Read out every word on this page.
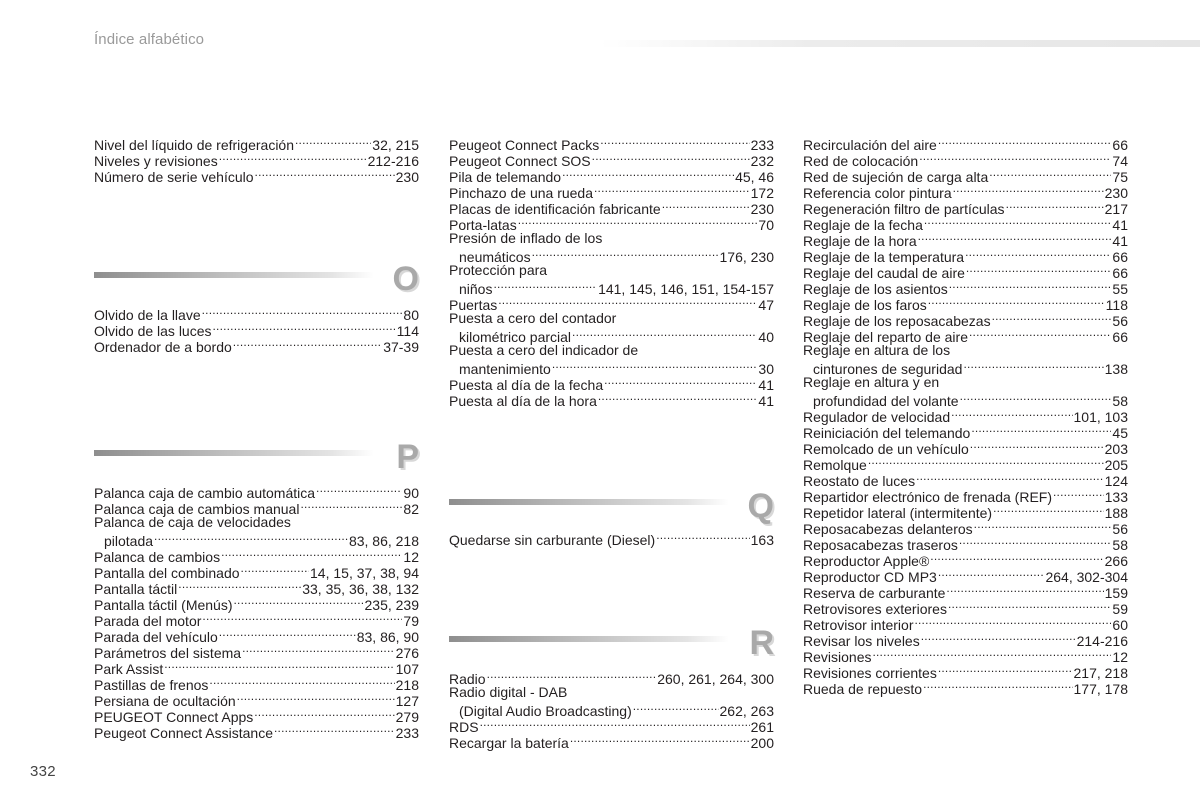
Índice alfabético
Nivel del líquido de refrigeración .....	32, 215
Niveles y revisiones .....	212-216
Número de serie vehículo .....	230
O
Olvido de la llave .....	80
Olvido de las luces .....	114
Ordenador de a bordo .....	37-39
P
Palanca caja de cambio automática .....	90
Palanca caja de cambios manual .....	82
Palanca de caja de velocidades
pilotada .....	83, 86, 218
Palanca de cambios .....	12
Pantalla del combinado .....	14, 15, 37, 38, 94
Pantalla táctil .....	33, 35, 36, 38, 132
Pantalla táctil (Menús) .....	235, 239
Parada del motor .....	79
Parada del vehículo .....	83, 86, 90
Parámetros del sistema .....	276
Park Assist .....	107
Pastillas de frenos .....	218
Persiana de ocultación .....	127
PEUGEOT Connect Apps .....	279
Peugeot Connect Assistance .....	233
Peugeot Connect Packs .....	233
Peugeot Connect SOS .....	232
Pila de telemando .....	45, 46
Pinchazo de una rueda .....	172
Placas de identificación fabricante .....	230
Porta-latas .....	70
Presión de inflado de los
neumáticos .....	176, 230
Protección para
niños .....	141, 145, 146, 151, 154-157
Puertas .....	47
Puesta a cero del contador
kilométrico parcial .....	40
Puesta a cero del indicador de
mantenimiento .....	30
Puesta al día de la fecha .....	41
Puesta al día de la hora .....	41
Q
Quedarse sin carburante (Diesel) .....	163
R
Radio .....	260, 261, 264, 300
Radio digital - DAB
(Digital Audio Broadcasting) .....	262, 263
RDS .....	261
Recargar la batería .....	200
Recirculación del aire .....	66
Red de colocación .....	74
Red de sujeción de carga alta .....	75
Referencia color pintura .....	230
Regeneración filtro de partículas .....	217
Reglaje de la fecha .....	41
Reglaje de la hora .....	41
Reglaje de la temperatura .....	66
Reglaje del caudal de aire .....	66
Reglaje de los asientos .....	55
Reglaje de los faros .....	118
Reglaje de los reposacabezas .....	56
Reglaje del reparto de aire .....	66
Reglaje en altura de los
cinturones de seguridad .....	138
Reglaje en altura y en
profundidad del volante .....	58
Regulador de velocidad .....	101, 103
Reiniciación del telemando .....	45
Remolcado de un vehículo .....	203
Remolque .....	205
Reostato de luces .....	124
Repartidor electrónico de frenada (REF) .....	133
Repetidor lateral (intermitente) .....	188
Reposacabezas delanteros .....	56
Reposacabezas traseros .....	58
Reproductor Apple® .....	266
Reproductor CD MP3 .....	264, 302-304
Reserva de carburante .....	159
Retrovisores exteriores .....	59
Retrovisor interior .....	60
Revisar los niveles .....	214-216
Revisiones .....	12
Revisiones corrientes .....	217, 218
Rueda de repuesto .....	177, 178
332
